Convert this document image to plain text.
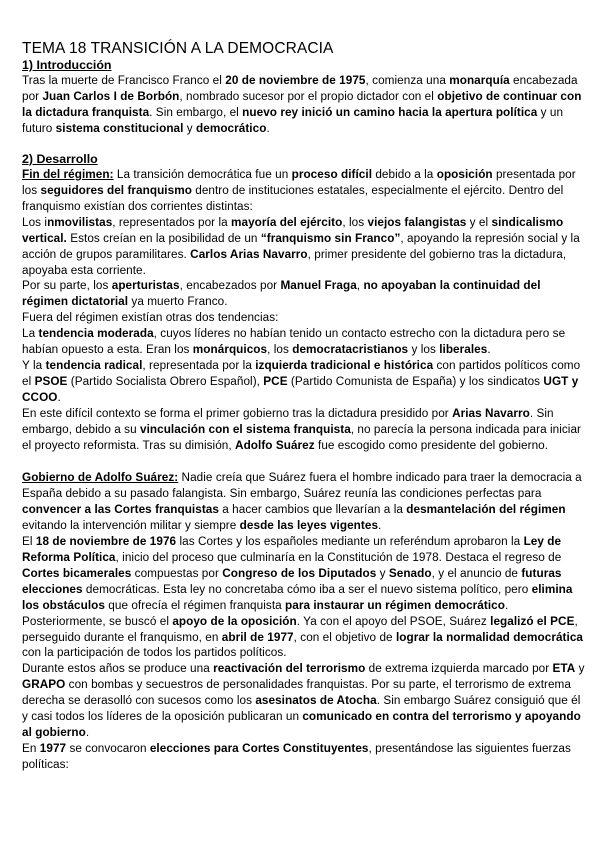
TEMA 18 TRANSICIÓN A LA DEMOCRACIA
1) Introducción

Tras la muerte de Francisco Franco el 20 de noviembre de 1975, comienza una monarquía encabezada por Juan Carlos I de Borbón, nombrado sucesor por el propio dictador con el objetivo de continuar con la dictadura franquista. Sin embargo, el nuevo rey inició un camino hacia la apertura política y un futuro sistema constitucional y democrático.

2) Desarrollo

Fin del régimen: La transición democrática fue un proceso difícil debido a la oposición presentada por los seguidores del franquismo dentro de instituciones estatales, especialmente el ejército. Dentro del franquismo existían dos corrientes distintas:

Los inmovilistas, representados por la mayoría del ejército, los viejos falangistas y el sindicalismo vertical. Estos creían en la posibilidad de un “franquismo sin Franco”, apoyando la represión social y la acción de grupos paramilitares. Carlos Arias Navarro, primer presidente del gobierno tras la dictadura, apoyaba esta corriente.

Por su parte, los aperturistas, encabezados por Manuel Fraga, no apoyaban la continuidad del régimen dictatorial ya muerto Franco.

Fuera del régimen existían otras dos tendencias:

La tendencia moderada, cuyos líderes no habían tenido un contacto estrecho con la dictadura pero se habían opuesto a esta. Eran los monárquicos, los democratacristianos y los liberales.

Y la tendencia radical, representada por la izquierda tradicional e histórica con partidos políticos como el PSOE (Partido Socialista Obrero Español), PCE (Partido Comunista de España) y los sindicatos UGT y CCOO.

En este difícil contexto se forma el primer gobierno tras la dictadura presidido por Arias Navarro. Sin embargo, debido a su vinculación con el sistema franquista, no parecía la persona indicada para iniciar el proyecto reformista. Tras su dimisión, Adolfo Suárez fue escogido como presidente del gobierno.

Gobierno de Adolfo Suárez: Nadie creía que Suárez fuera el hombre indicado para traer la democracia a España debido a su pasado falangista. Sin embargo, Suárez reunía las condiciones perfectas para convencer a las Cortes franquistas a hacer cambios que llevarían a la desmantelación del régimen evitando la intervención militar y siempre desde las leyes vigentes.

El 18 de noviembre de 1976 las Cortes y los españoles mediante un referéndum aprobaron la Ley de Reforma Política, inicio del proceso que culminaría en la Constitución de 1978. Destaca el regreso de Cortes bicamerales compuestas por Congreso de los Diputados y Senado, y el anuncio de futuras elecciones democráticas. Esta ley no concretaba cómo iba a ser el nuevo sistema político, pero elimina los obstáculos que ofrecía el régimen franquista para instaurar un régimen democrático.

Posteriormente, se buscó el apoyo de la oposición. Ya con el apoyo del PSOE, Suárez legalizó el PCE, perseguido durante el franquismo, en abril de 1977, con el objetivo de lograr la normalidad democrática con la participación de todos los partidos políticos.

Durante estos años se produce una reactivación del terrorismo de extrema izquierda marcado por ETA y GRAPO con bombas y secuestros de personalidades franquistas. Por su parte, el terrorismo de extrema derecha se derasolló con sucesos como los asesinatos de Atocha. Sin embargo Suárez consiguió que él y casi todos los líderes de la oposición publicaran un comunicado en contra del terrorismo y apoyando al gobierno.

En 1977 se convocaron elecciones para Cortes Constituyentes, presentándose las siguientes fuerzas políticas:
